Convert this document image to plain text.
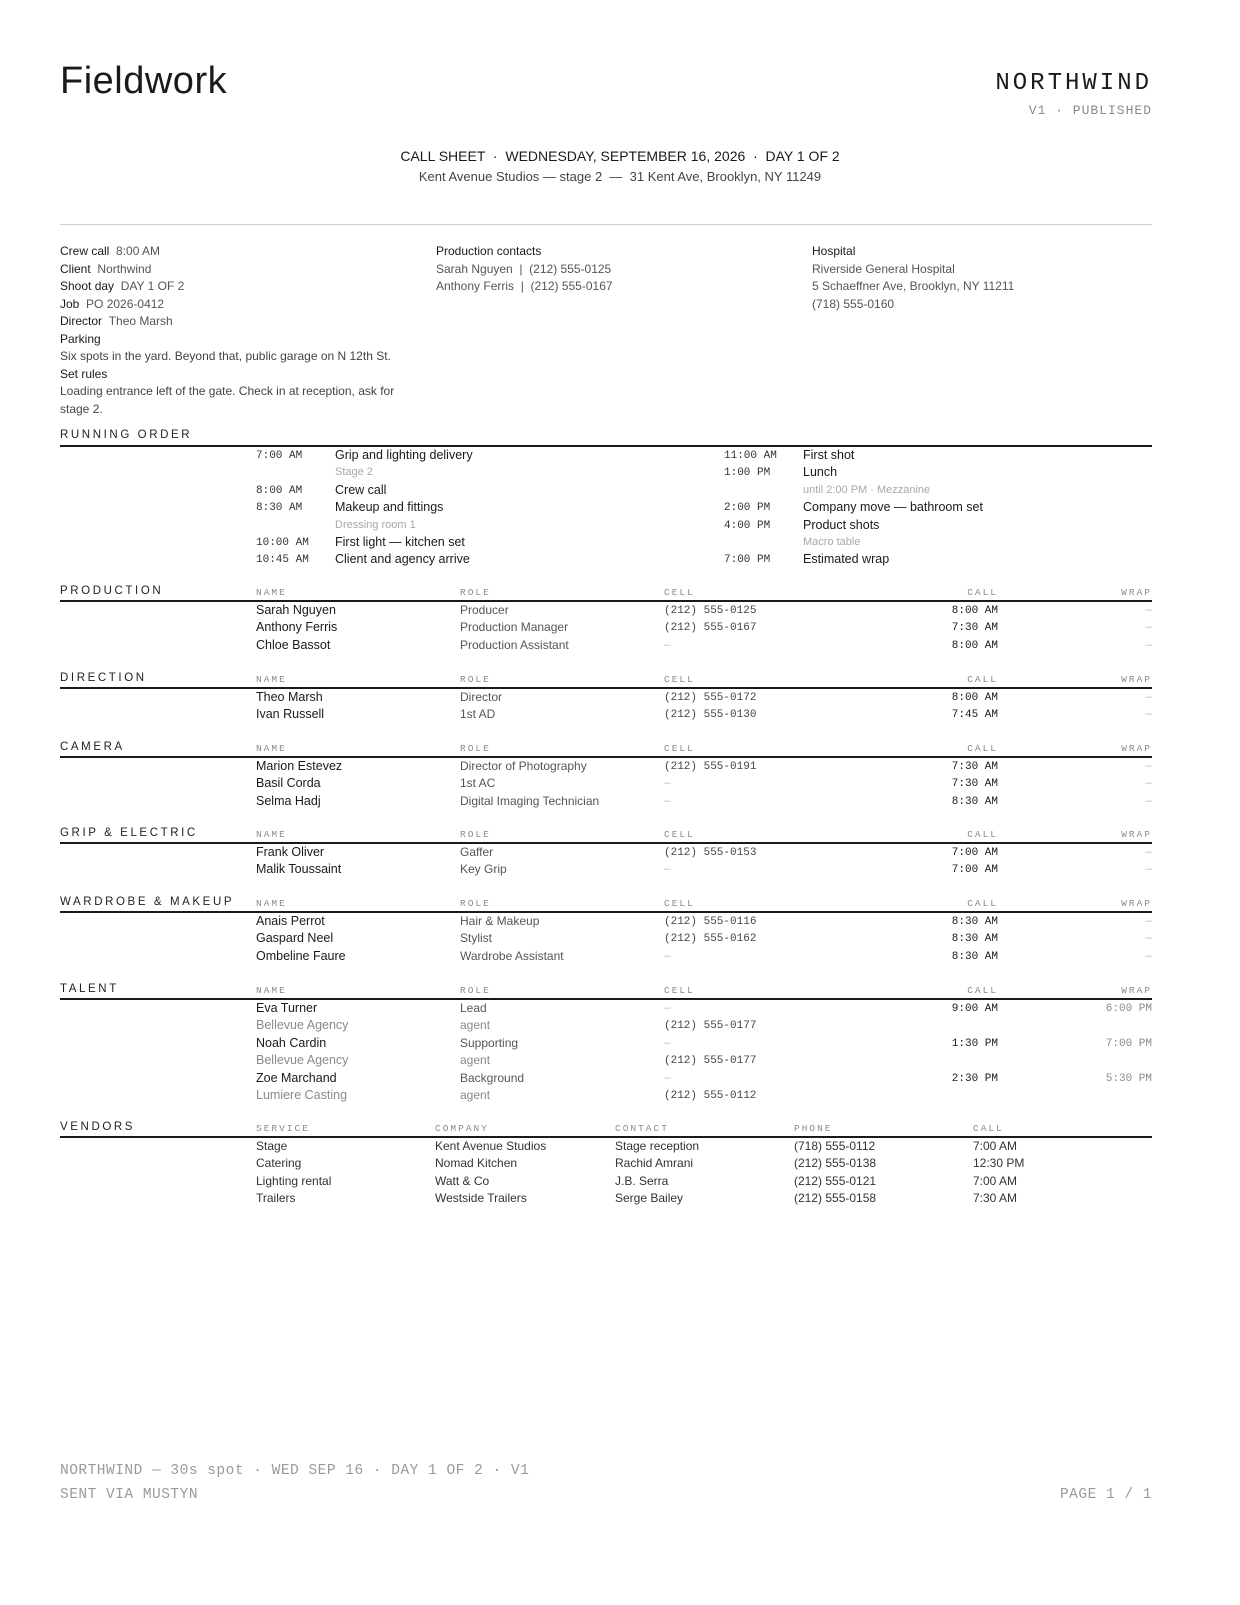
Fieldwork	NORTHWIND
V1 · PUBLISHED
CALL SHEET  ·  WEDNESDAY, SEPTEMBER 16, 2026  ·  DAY 1 OF 2
Kent Avenue Studios — stage 2  —  31 Kent Ave, Brooklyn, NY 11249
Crew call 8:00 AM
Client Northwind
Shoot day DAY 1 OF 2
Job PO 2026-0412
Director Theo Marsh
Parking
Six spots in the yard. Beyond that, public garage on N 12th St.
Set rules
Loading entrance left of the gate. Check in at reception, ask for stage 2.
Production contacts
Sarah Nguyen  |  (212) 555-0125
Anthony Ferris  |  (212) 555-0167
Hospital
Riverside General Hospital
5 Schaeffner Ave, Brooklyn, NY 11211
(718) 555-0160
RUNNING ORDER
7:00 AM	Grip and lighting delivery
Stage 2
8:00 AM	Crew call
8:30 AM	Makeup and fittings
Dressing room 1
10:00 AM First light — kitchen set
10:45 AM Client and agency arrive
11:00 AM First shot
1:00 PM	Lunch
until 2:00 PM · Mezzanine
2:00 PM	Company move — bathroom set
4:00 PM	Product shots
Macro table
7:00 PM	Estimated wrap
PRODUCTION	NAME	ROLE	CELL	CALL	WRAP
Sarah Nguyen	Producer	(212) 555-0125	8:00 AM	—
Anthony Ferris	Production Manager	(212) 555-0167	7:30 AM	—
Chloe Bassot	Production Assistant	—	8:00 AM	—
DIRECTION	NAME	ROLE	CELL	CALL	WRAP
Theo Marsh	Director	(212) 555-0172	8:00 AM	—
Ivan Russell	1st AD	(212) 555-0130	7:45 AM	—
CAMERA	NAME	ROLE	CELL	CALL	WRAP
Marion Estevez	Director of Photography	(212) 555-0191	7:30 AM	—
Basil Corda	1st AC	—	7:30 AM	—
Selma Hadj	Digital Imaging Technician	—	8:30 AM	—
GRIP & ELECTRIC	NAME	ROLE	CELL	CALL	WRAP
Frank Oliver	Gaffer	(212) 555-0153	7:00 AM	—
Malik Toussaint	Key Grip	—	7:00 AM	—
WARDROBE & MAKEUP NAME	ROLE	CELL	CALL	WRAP
Anais Perrot	Hair & Makeup	(212) 555-0116	8:30 AM	—
Gaspard Neel	Stylist	(212) 555-0162	8:30 AM	—
Ombeline Faure	Wardrobe Assistant	—	8:30 AM	—
TALENT	NAME	ROLE	CELL	CALL	WRAP
Eva Turner	Lead	—	9:00 AM	6:00 PM
Bellevue Agency	agent	(212) 555-0177
Noah Cardin	Supporting	—	1:30 PM	7:00 PM
Bellevue Agency	agent	(212) 555-0177
Zoe Marchand	Background	—	2:30 PM	5:30 PM
Lumiere Casting	agent	(212) 555-0112
VENDORS	SERVICE	COMPANY	CONTACT	PHONE	CALL
Stage	Kent Avenue Studios	Stage reception	(718) 555-0112	7:00 AM
Catering	Nomad Kitchen	Rachid Amrani	(212) 555-0138	12:30 PM
Lighting rental	Watt & Co	J.B. Serra	(212) 555-0121	7:00 AM
Trailers	Westside Trailers	Serge Bailey	(212) 555-0158	7:30 AM
NORTHWIND — 30s spot · WED SEP 16 · DAY 1 OF 2 · V1
SENT VIA MUSTYN	PAGE 1 / 1
